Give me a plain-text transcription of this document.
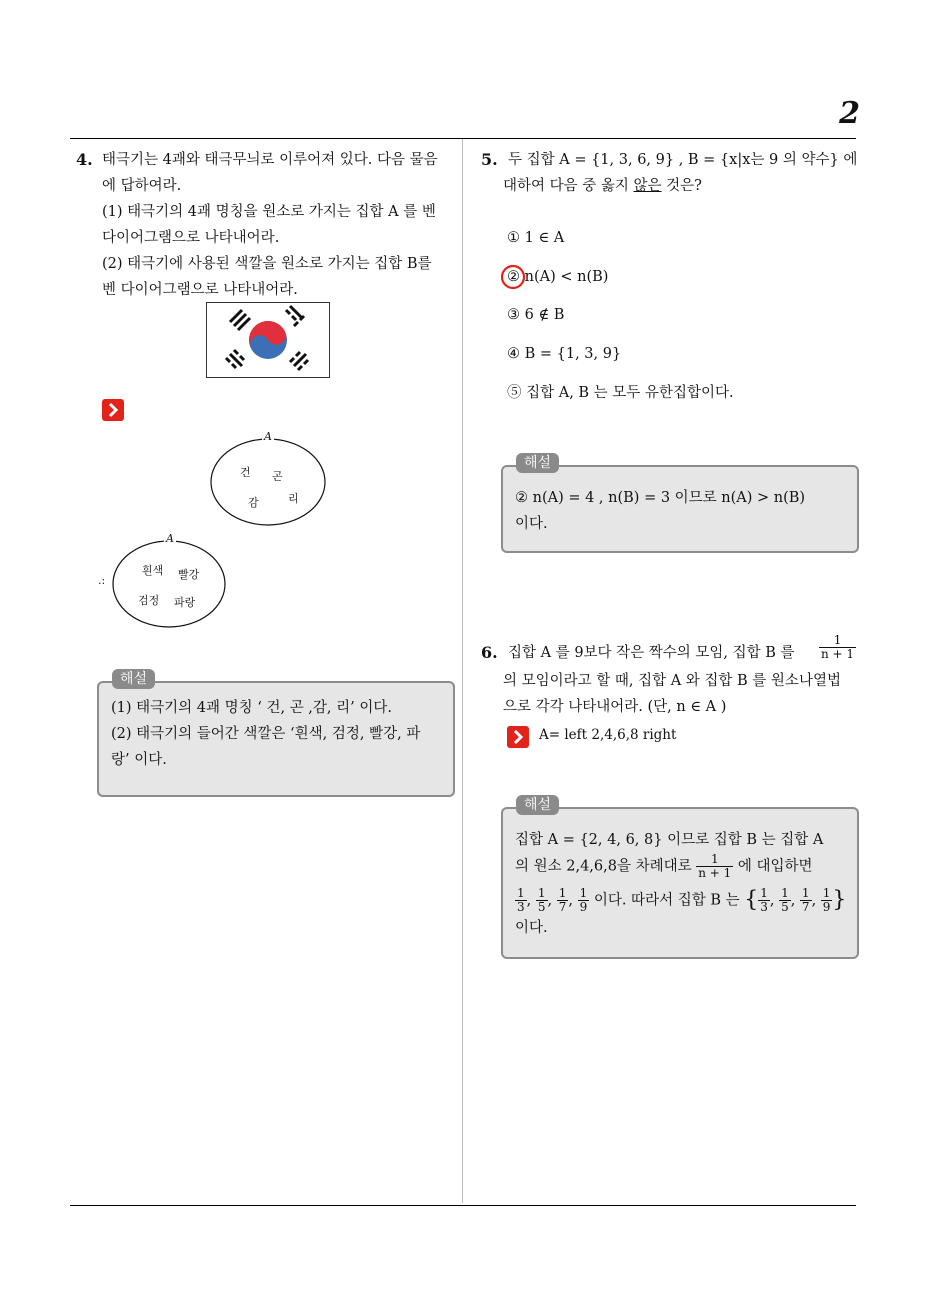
2
4. 태극기는 4괘와 태극무늬로 이루어져 있다. 다음 물음
에 답하여라.
(1) 태극기의 4괘 명칭을 원소로 가지는 집합 A 를 벤
다이어그램으로 나타내어라.
(2) 태극기에 사용된 색깔을 원소로 가지는 집합 B를
벤 다이어그램으로 나타내어라.
A
건 곤
감	리
.:
A
흰색 빨강
검정 파랑
(1) 태극기의 4괘 명칭 ‘ 건, 곤 ,감, 리’ 이다.
(2) 태극기의 들어간 색깔은 ‘흰색, 검정, 빨강, 파
랑’ 이다.
해설
5. 두 집합 A = {1, 3, 6, 9} , B = {x|x는 9 의 약수} 에
대하여 다음 중 옳지 않은 것은?
① 1 ∈ A
② n(A) < n(B)
③ 6 ∉ B
④ B = {1, 3, 9}
⑤ 집합 A, B 는 모두 유한집합이다.
② n(A) = 4 , n(B) = 3 이므로 n(A) > n(B)
이다.
해설
6. 집합 A 를 9보다 작은 짝수의 모임, 집합 B 를 $\frac{1}{n + 1}$
의 모임이라고 할 때, 집합 A 와 집합 B 를 원소나열법
으로 각각 나타내어라. (단, n ∈ A )
A= left 2,4,6,8 right
집합 A = {2, 4, 6, 8} 이므로 집합 B 는 집합 A
의 원소 2,4,6,8을 차례대로 $\frac{1}{n + 1}$ 에 대입하면
$\frac{1}{3}$ , $\frac{1}{5}$ , $\frac{1}{7}$ , $\frac{1}{9}$ 이다. 따라서 집합 B 는 { $\frac{1}{3}$ , $\frac{1}{5}$ , $\frac{1}{7}$ , $\frac{1}{9}$ }
이다.
해설
